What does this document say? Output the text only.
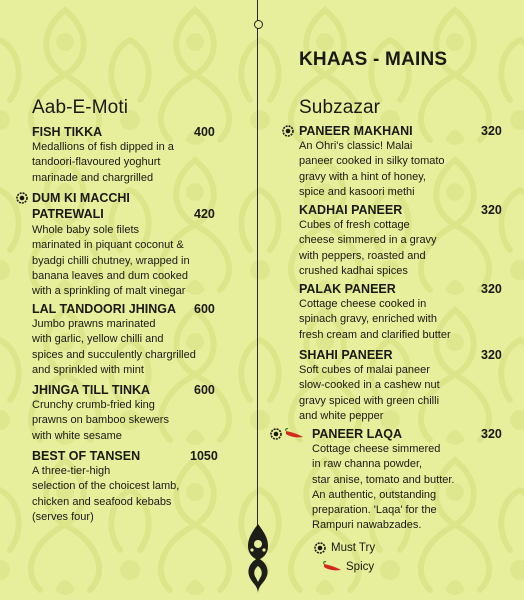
KHAAS - MAINS
Aab-E-Moti
FISH TIKKA	400
Medallions of fish dipped in a
tandoori-flavoured yoghurt
marinade and chargrilled
DUM KI MACCHI
PATREWALI	420
Whole baby sole filets
marinated in piquant coconut &
byadgi chilli chutney, wrapped in
banana leaves and dum cooked
with a sprinkling of malt vinegar
LAL TANDOORI JHINGA 600
Jumbo prawns marinated
with garlic, yellow chilli and
spices and succulently chargrilled
and sprinkled with mint
JHINGA TILL TINKA	600
Crunchy crumb-fried king
prawns on bamboo skewers
with white sesame
BEST OF TANSEN	1050
A three-tier-high
selection of the choicest lamb,
chicken and seafood kebabs
(serves four)
Subzazar
PANEER MAKHANI	320
An Ohri's classic! Malai
paneer cooked in silky tomato
gravy with a hint of honey,
spice and kasoori methi
KADHAI PANEER	320
Cubes of fresh cottage
cheese simmered in a gravy
with peppers, roasted and
crushed kadhai spices
PALAK PANEER	320
Cottage cheese cooked in
spinach gravy, enriched with
fresh cream and clarified butter
SHAHI PANEER	320
Soft cubes of malai paneer
slow-cooked in a cashew nut
gravy spiced with green chilli
and white pepper
PANEER LAQA	320
Cottage cheese simmered
in raw channa powder,
star anise, tomato and butter.
An authentic, outstanding
preparation. 'Laqa' for the
Rampuri nawabzades.
Must Try
Spicy
